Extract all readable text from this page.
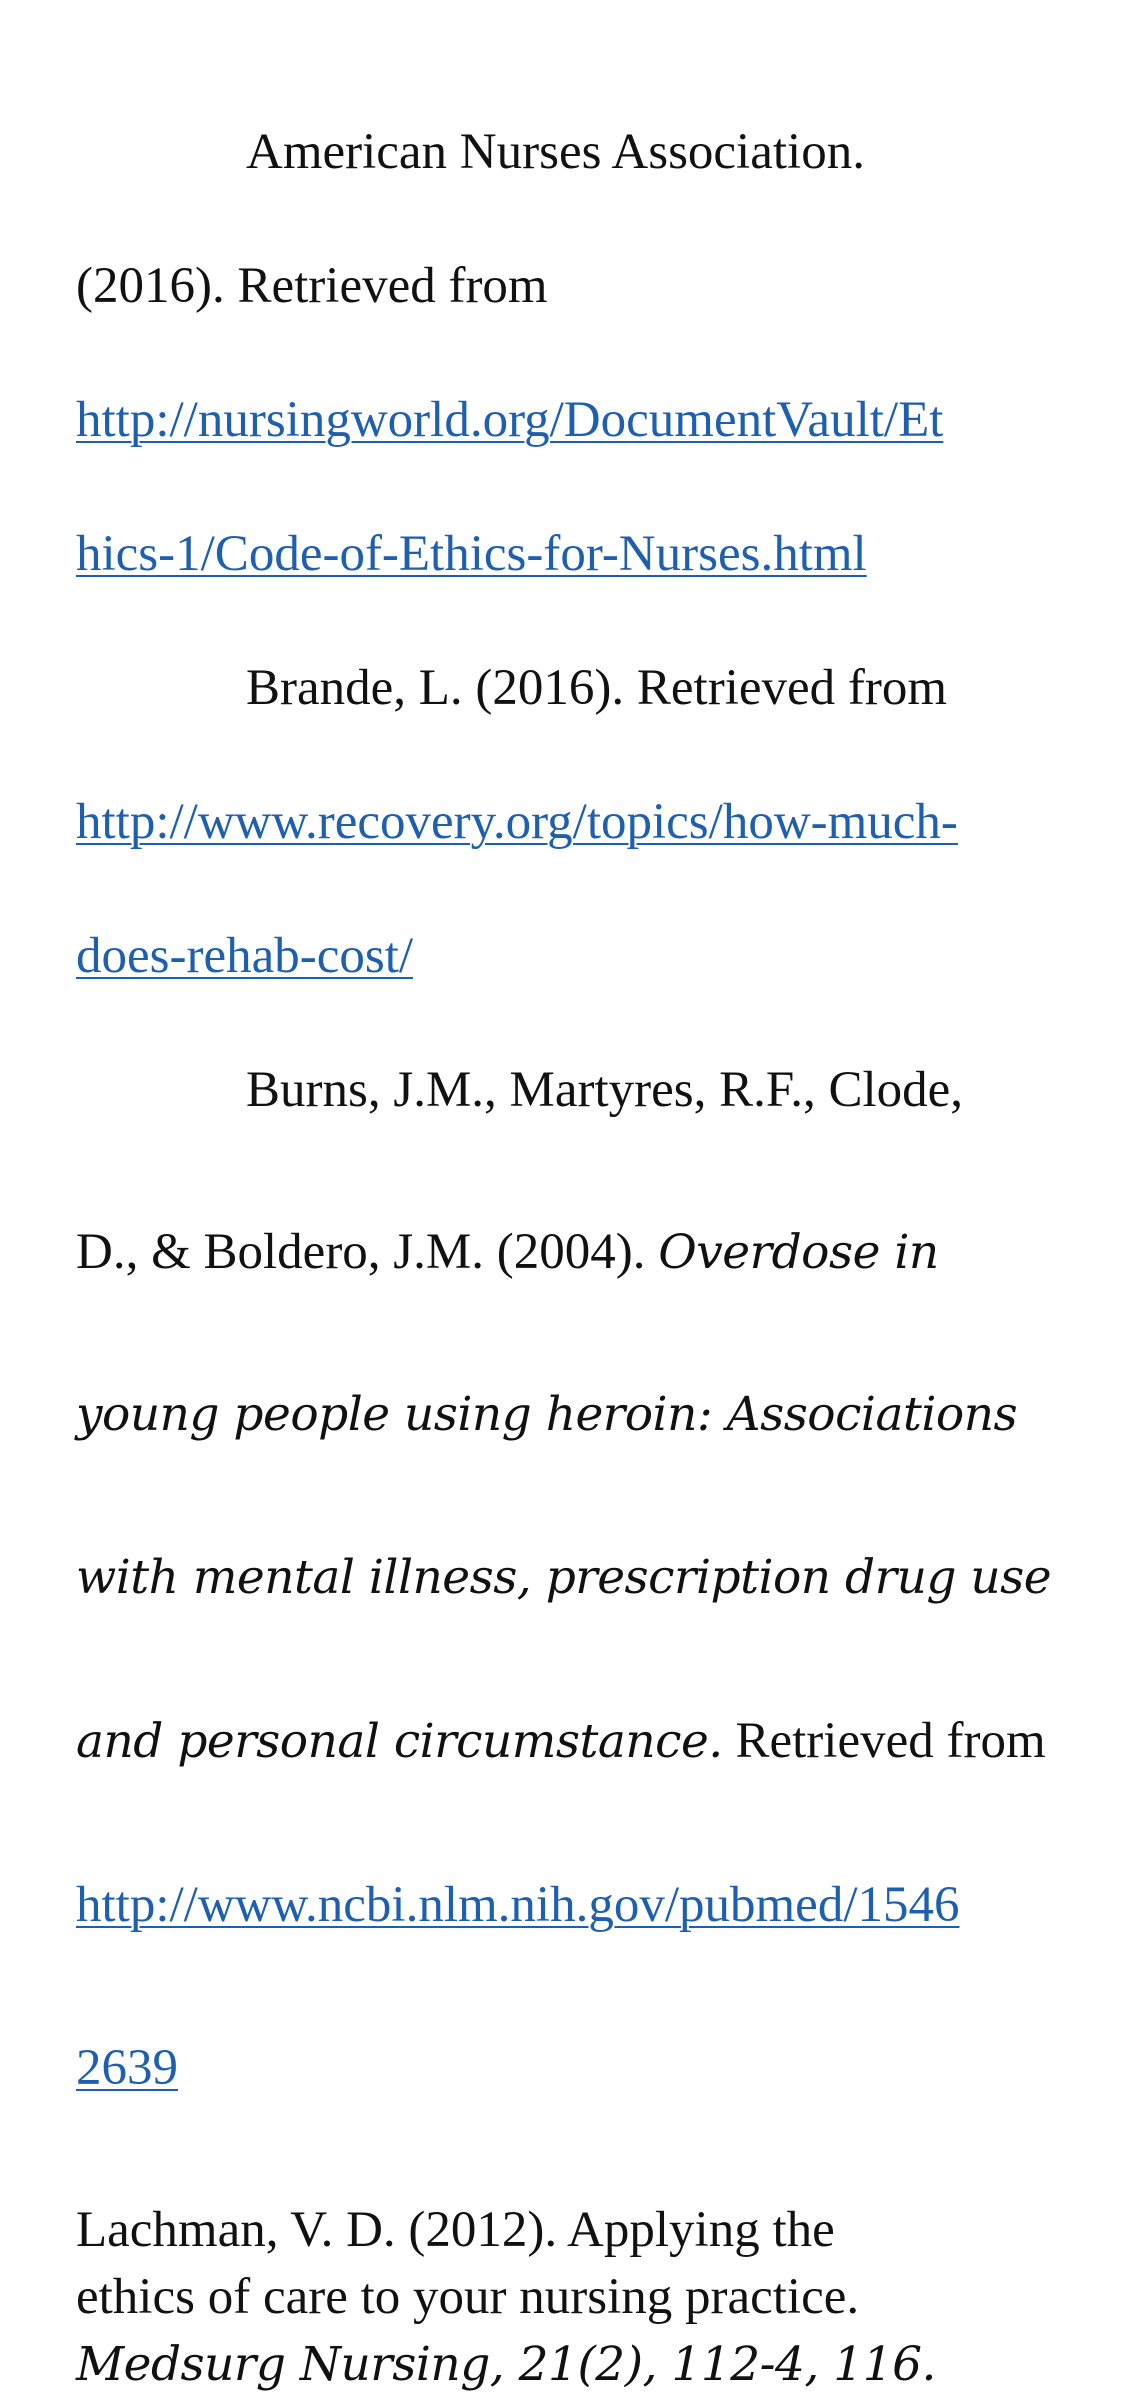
American Nurses Association.
(2016). Retrieved from
http://nursingworld.org/DocumentVault/Et
hics-1/Code-of-Ethics-for-Nurses.html
Brande, L. (2016). Retrieved from
http://www.recovery.org/topics/how-much-
does-rehab-cost/
Burns, J.M., Martyres, R.F., Clode,
D., & Boldero, J.M. (2004). Overdose in
young people using heroin: Associations
with mental illness, prescription drug use
and personal circumstance. Retrieved from
http://www.ncbi.nlm.nih.gov/pubmed/1546
2639
Lachman, V. D. (2012). Applying the
ethics of care to your nursing practice.
Medsurg Nursing, 21(2), 112-4, 116.
